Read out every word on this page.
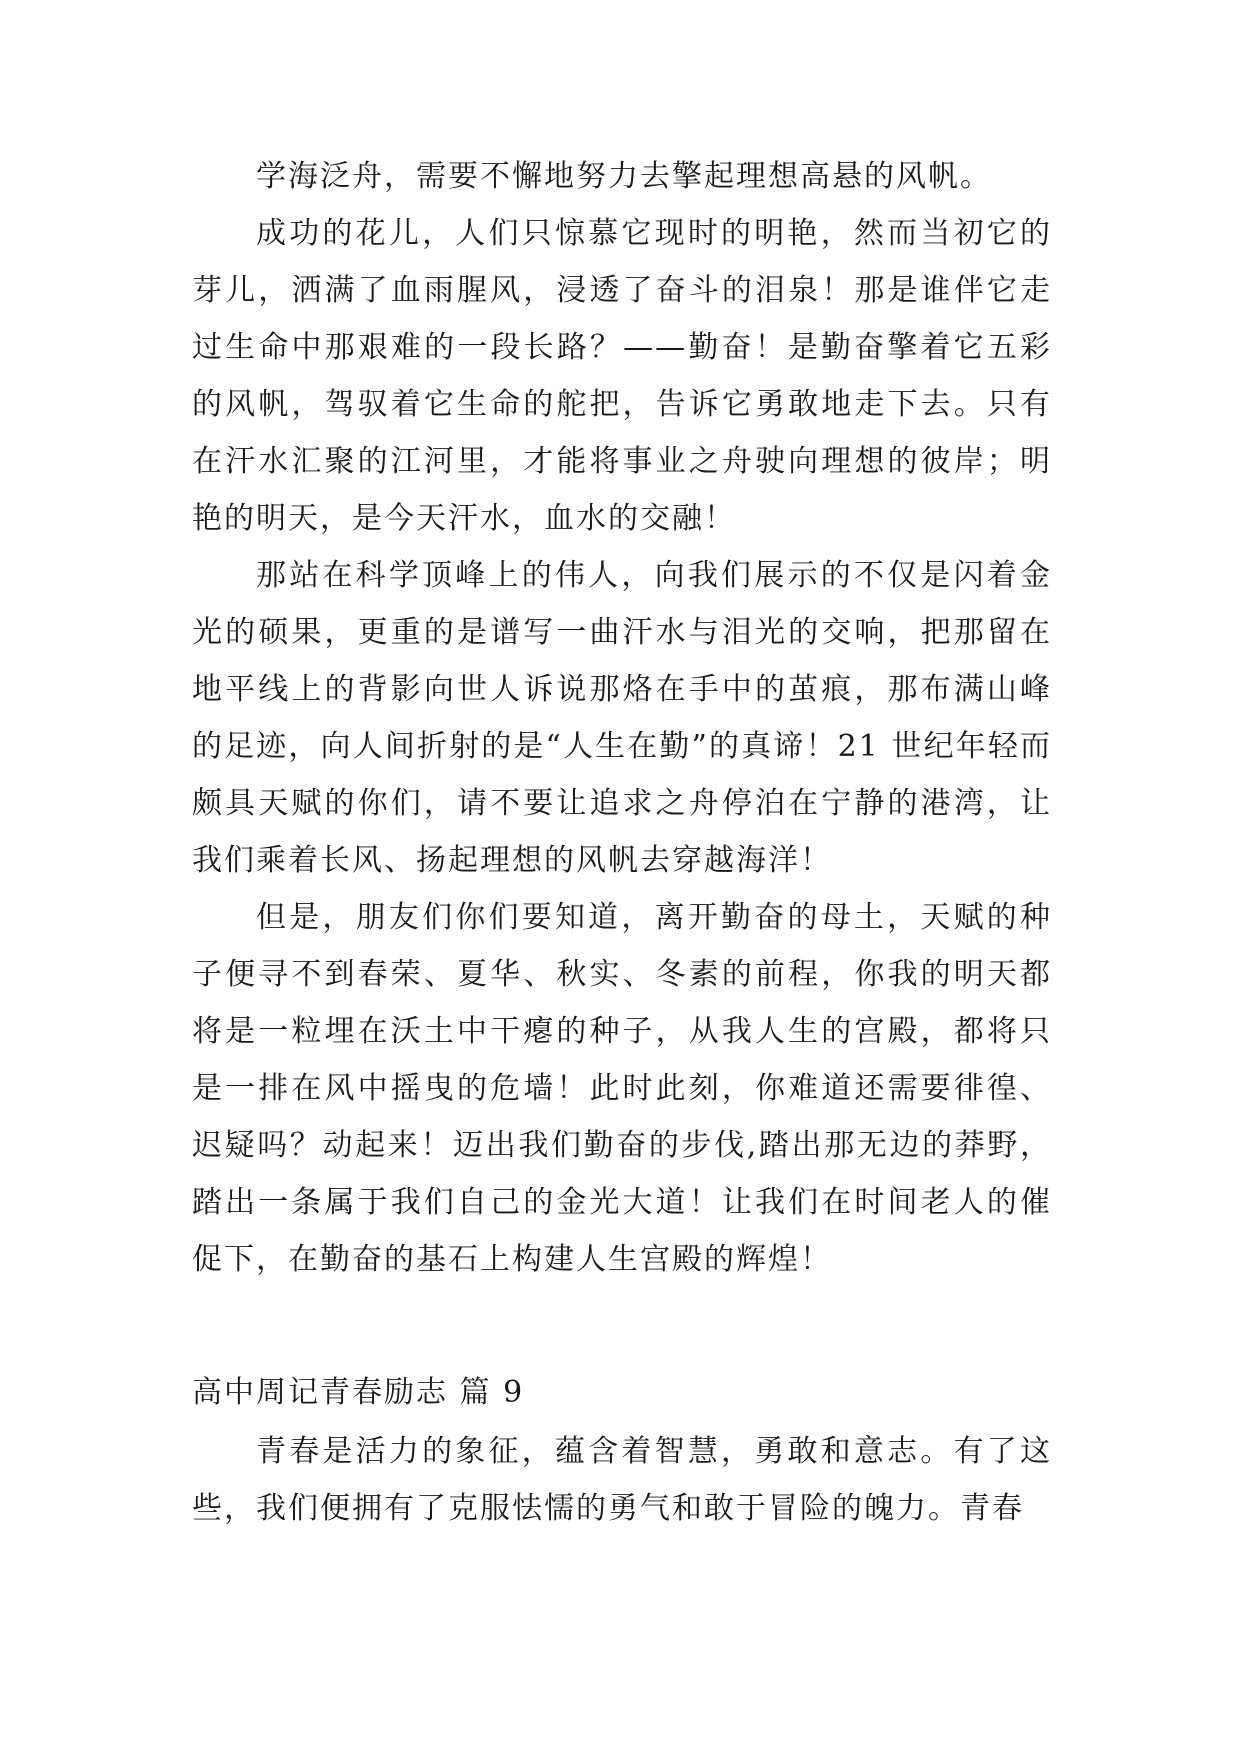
学海泛舟，需要不懈地努力去擎起理想高悬的风帆。

成功的花儿，人们只惊慕它现时的明艳，然而当初它的芽儿，洒满了血雨腥风，浸透了奋斗的泪泉！那是谁伴它走过生命中那艰难的一段长路？——勤奋！是勤奋擎着它五彩的风帆，驾驭着它生命的舵把，告诉它勇敢地走下去。只有在汗水汇聚的江河里，才能将事业之舟驶向理想的彼岸；明艳的明天，是今天汗水，血水的交融！

那站在科学顶峰上的伟人，向我们展示的不仅是闪着金光的硕果，更重的是谱写一曲汗水与泪光的交响，把那留在地平线上的背影向世人诉说那烙在手中的茧痕，那布满山峰的足迹，向人间折射的是“人生在勤”的真谛！21 世纪年轻而颇具天赋的你们，请不要让追求之舟停泊在宁静的港湾，让我们乘着长风、扬起理想的风帆去穿越海洋！

但是，朋友们你们要知道，离开勤奋的母土，天赋的种子便寻不到春荣、夏华、秋实、冬素的前程，你我的明天都将是一粒埋在沃土中干瘪的种子，从我人生的宫殿，都将只是一排在风中摇曳的危墙！此时此刻，你难道还需要徘徨、迟疑吗？动起来！迈出我们勤奋的步伐,踏出那无边的莽野，踏出一条属于我们自己的金光大道！让我们在时间老人的催促下，在勤奋的基石上构建人生宫殿的辉煌！

高中周记青春励志 篇 9

青春是活力的象征，蕴含着智慧，勇敢和意志。有了这些，我们便拥有了克服怯懦的勇气和敢于冒险的魄力。青春
